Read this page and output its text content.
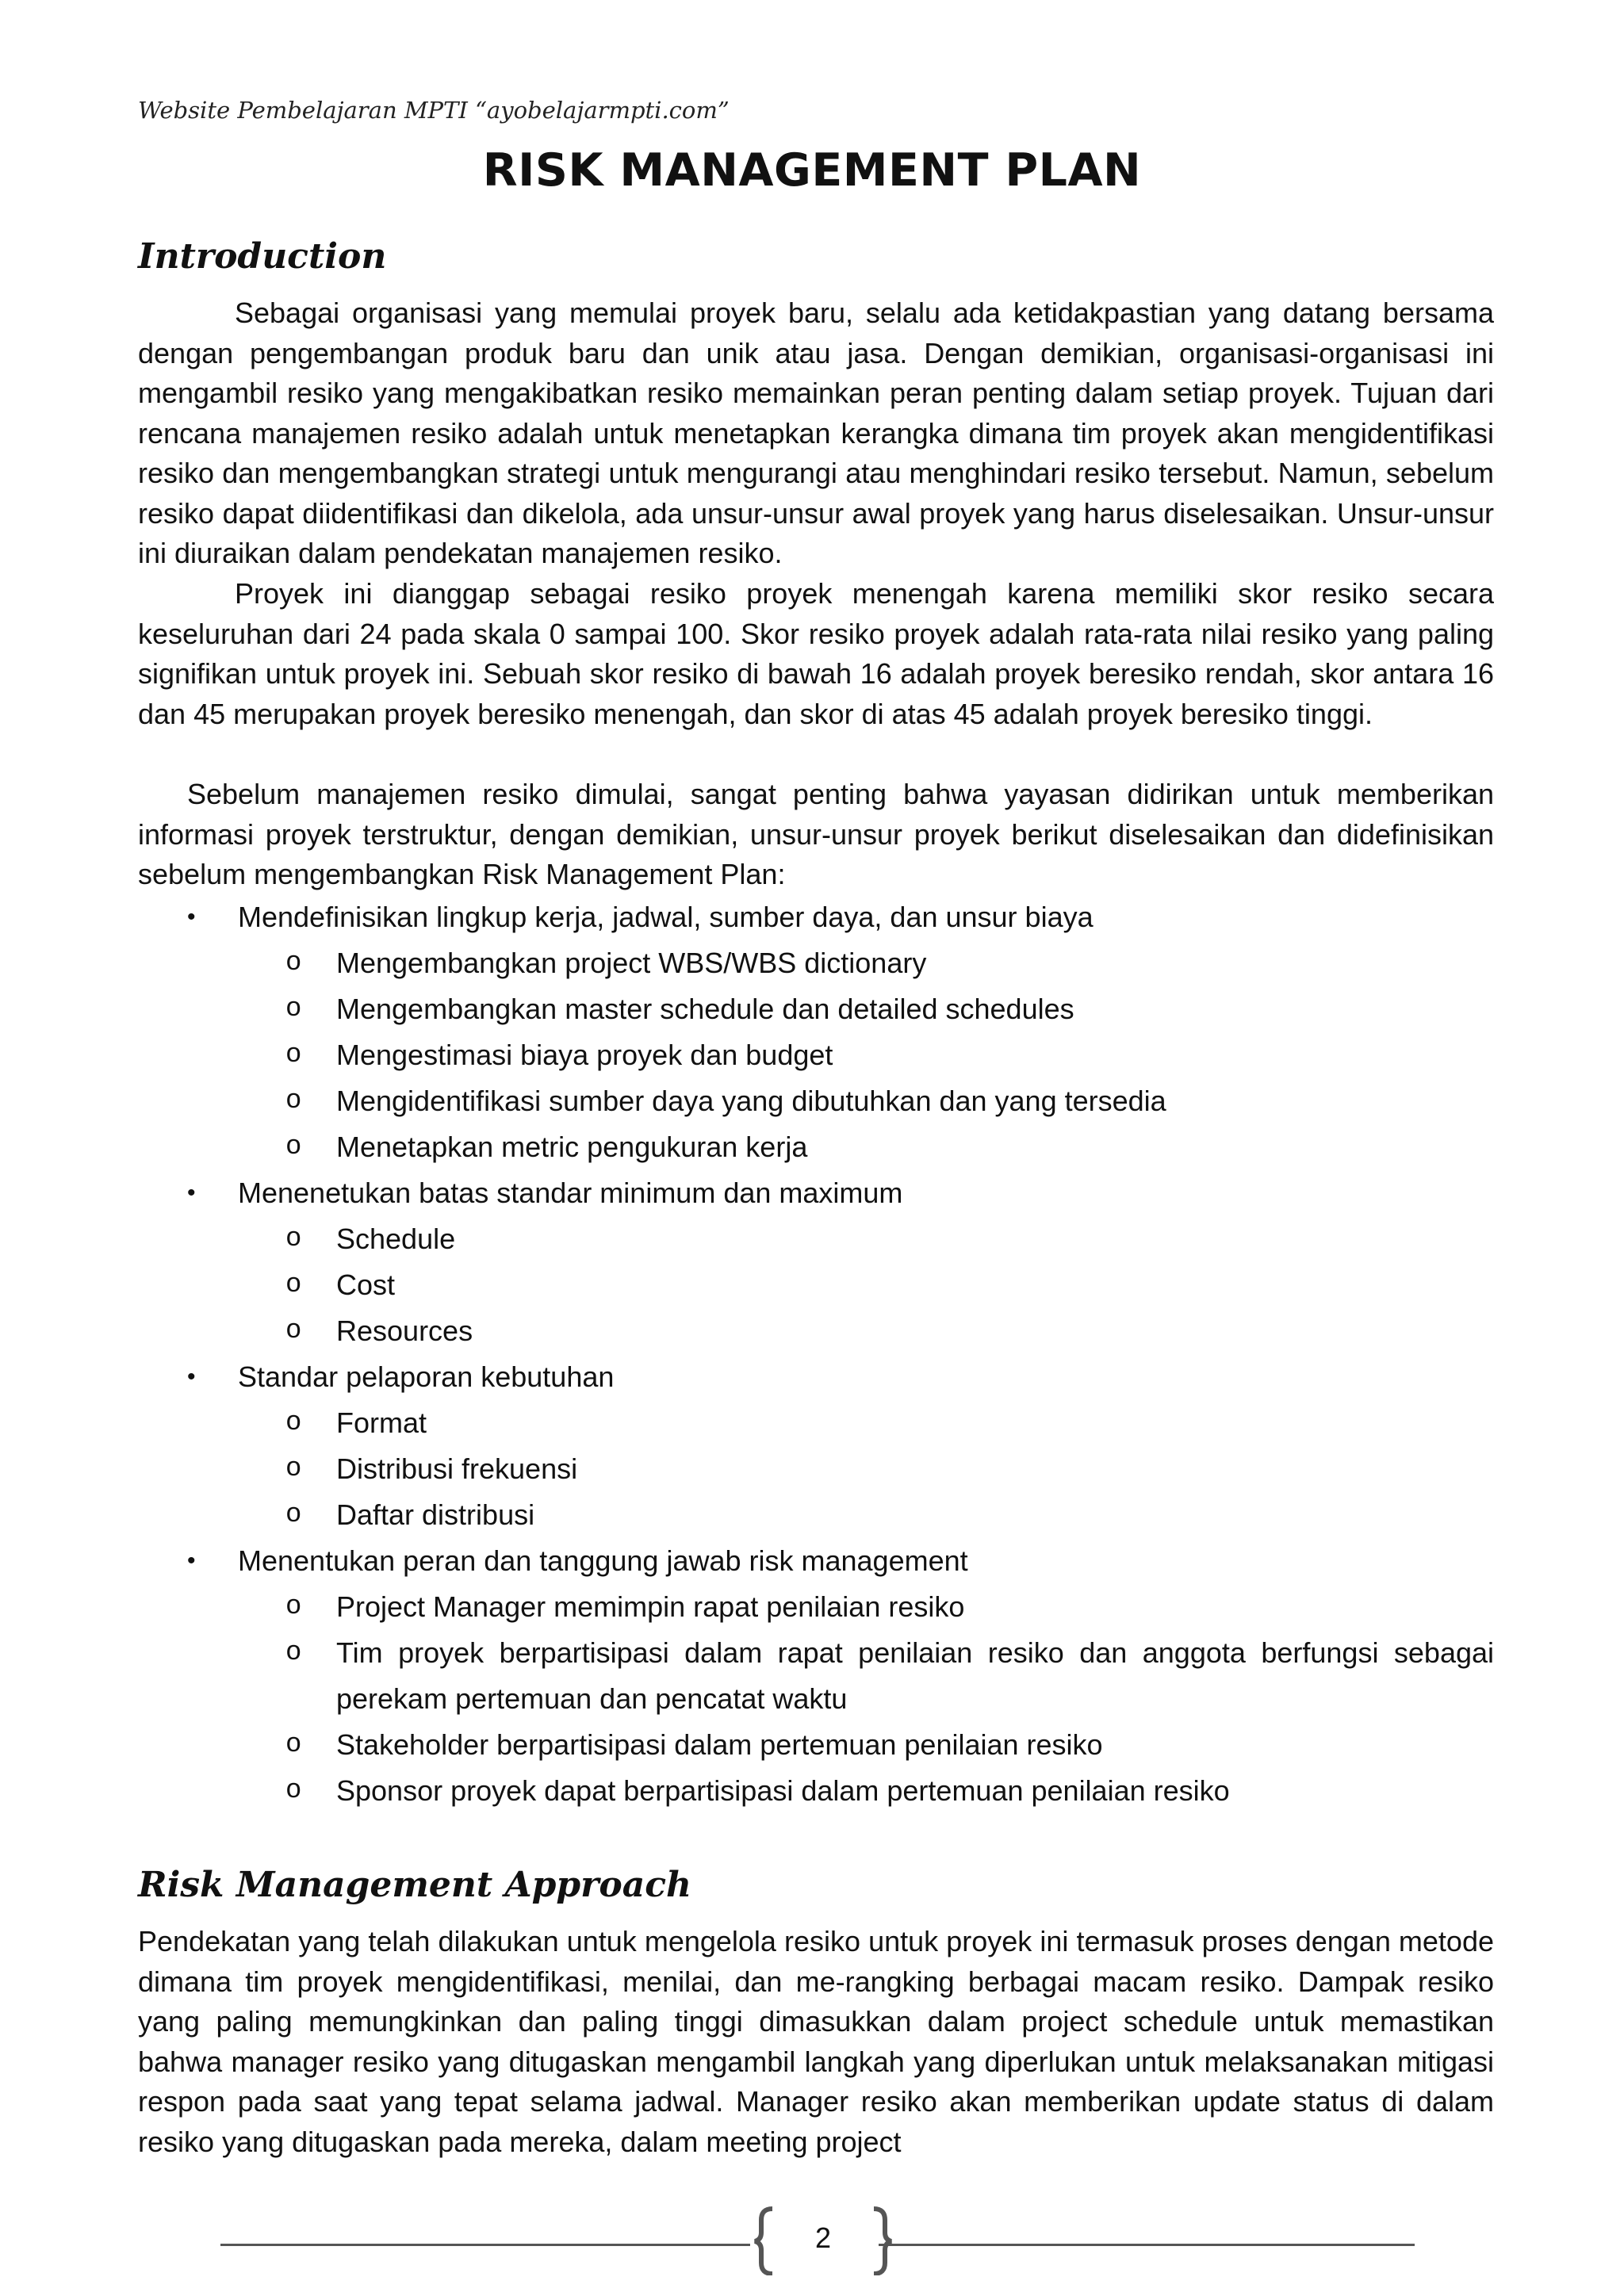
Website Pembelajaran MPTI “ayobelajarmpti.com”
RISK MANAGEMENT PLAN
Introduction
Sebagai organisasi yang memulai proyek baru, selalu ada ketidakpastian yang datang bersama dengan pengembangan produk baru dan unik atau jasa. Dengan demikian, organisasi-organisasi ini mengambil resiko yang mengakibatkan resiko memainkan peran penting dalam setiap proyek. Tujuan dari rencana manajemen resiko adalah untuk menetapkan kerangka dimana tim proyek akan mengidentifikasi resiko dan mengembangkan strategi untuk mengurangi atau menghindari resiko tersebut. Namun, sebelum resiko dapat diidentifikasi dan dikelola, ada unsur-unsur awal proyek yang harus diselesaikan. Unsur-unsur ini diuraikan dalam pendekatan manajemen resiko.
Proyek ini dianggap sebagai resiko proyek menengah karena memiliki skor resiko secara keseluruhan dari 24 pada skala 0 sampai 100. Skor resiko proyek adalah rata-rata nilai resiko yang paling signifikan untuk proyek ini. Sebuah skor resiko di bawah 16 adalah proyek beresiko rendah, skor antara 16 dan 45 merupakan proyek beresiko menengah, dan skor di atas 45 adalah proyek beresiko tinggi.
Sebelum manajemen resiko dimulai, sangat penting bahwa yayasan didirikan untuk memberikan informasi proyek terstruktur, dengan demikian, unsur-unsur proyek berikut diselesaikan dan didefinisikan sebelum mengembangkan Risk Management Plan:
• Mendefinisikan lingkup kerja, jadwal, sumber daya, dan unsur biaya
o Mengembangkan project WBS/WBS dictionary
o Mengembangkan master schedule dan detailed schedules
o Mengestimasi biaya proyek dan budget
o Mengidentifikasi sumber daya yang dibutuhkan dan yang tersedia
o Menetapkan metric pengukuran kerja
• Menenetukan batas standar minimum dan maximum
o Schedule
o Cost
o Resources
• Standar pelaporan kebutuhan
o Format
o Distribusi frekuensi
o Daftar distribusi
• Menentukan peran dan tanggung jawab risk management
o Project Manager memimpin rapat penilaian resiko
o Tim proyek berpartisipasi dalam rapat penilaian resiko dan anggota berfungsi sebagai perekam pertemuan dan pencatat waktu
o Stakeholder berpartisipasi dalam pertemuan penilaian resiko
o Sponsor proyek dapat berpartisipasi dalam pertemuan penilaian resiko
Risk Management Approach
Pendekatan yang telah dilakukan untuk mengelola resiko untuk proyek ini termasuk proses dengan metode dimana tim proyek mengidentifikasi, menilai, dan me-rangking berbagai macam resiko. Dampak resiko yang paling memungkinkan dan paling tinggi dimasukkan dalam project schedule untuk memastikan bahwa manager resiko yang ditugaskan mengambil langkah yang diperlukan untuk melaksanakan mitigasi respon pada saat yang tepat selama jadwal. Manager resiko akan memberikan update status di dalam resiko yang ditugaskan pada mereka, dalam meeting project
2
